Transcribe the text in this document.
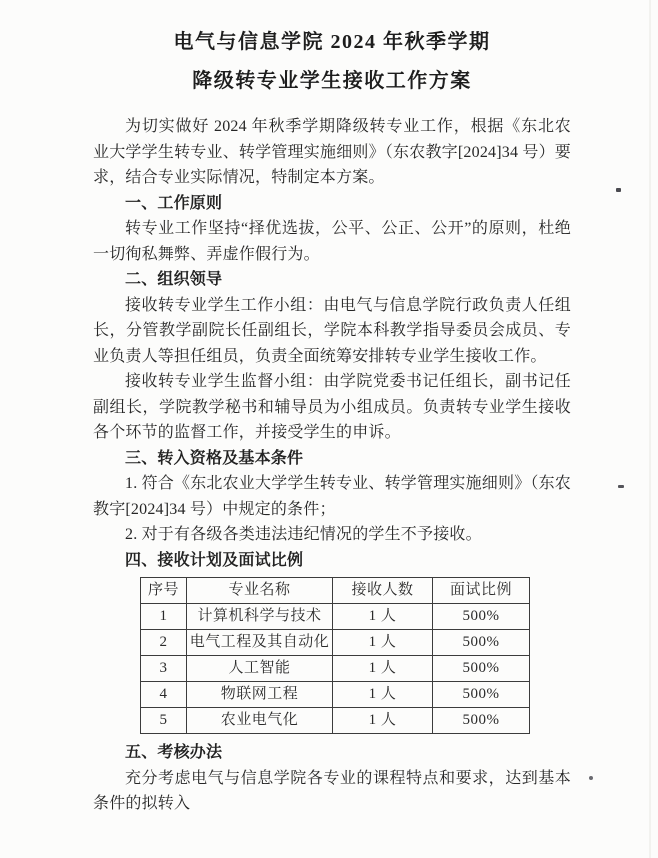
电气与信息学院 2024 年秋季学期
降级转专业学生接收工作方案

为切实做好 2024 年秋季学期降级转专业工作，根据《东北农业大学学生转专业、转学管理实施细则》（东农教字[2024]34 号）要求，结合专业实际情况，特制定本方案。

一、工作原则

转专业工作坚持“择优选拔，公平、公正、公开”的原则，杜绝一切徇私舞弊、弄虚作假行为。

二、组织领导

接收转专业学生工作小组：由电气与信息学院行政负责人任组长，分管教学副院长任副组长，学院本科教学指导委员会成员、专业负责人等担任组员，负责全面统筹安排转专业学生接收工作。

接收转专业学生监督小组：由学院党委书记任组长，副书记任副组长，学院教学秘书和辅导员为小组成员。负责转专业学生接收各个环节的监督工作，并接受学生的申诉。

三、转入资格及基本条件

1. 符合《东北农业大学学生转专业、转学管理实施细则》（东农教字[2024]34 号）中规定的条件；

2. 对于有各级各类违法违纪情况的学生不予接收。

四、接收计划及面试比例

序号	专业名称	接收人数	面试比例
1	计算机科学与技术	1 人	500%
2	电气工程及其自动化	1 人	500%
3	人工智能	1 人	500%
4	物联网工程	1 人	500%
5	农业电气化	1 人	500%

五、考核办法

充分考虑电气与信息学院各专业的课程特点和要求，达到基本条件的拟转入
